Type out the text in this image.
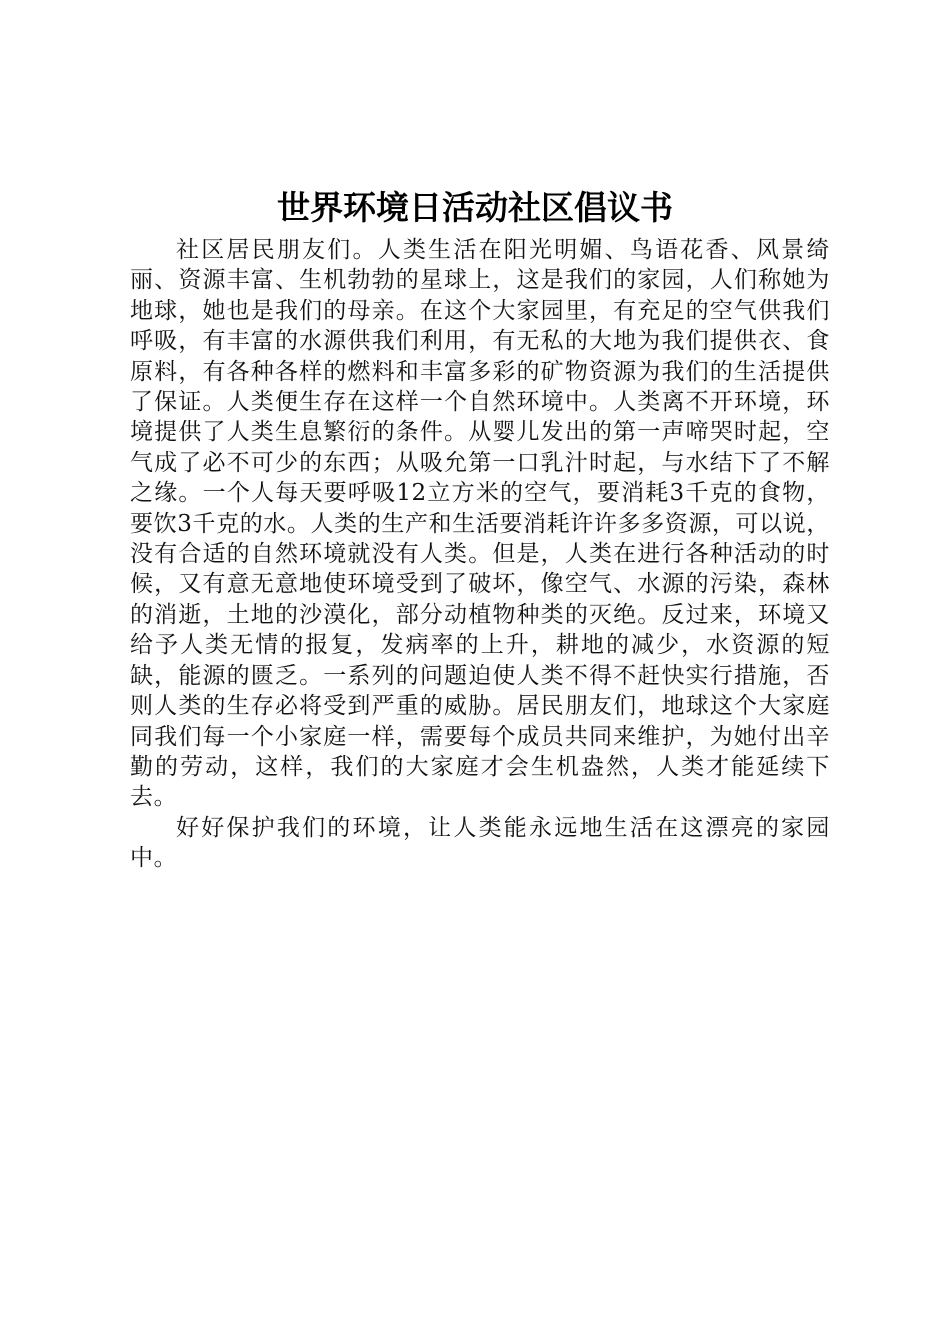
世界环境日活动社区倡议书

社区居民朋友们。人类生活在阳光明媚、鸟语花香、风景绮丽、资源丰富、生机勃勃的星球上，这是我们的家园，人们称她为地球，她也是我们的母亲。在这个大家园里，有充足的空气供我们呼吸，有丰富的水源供我们利用，有无私的大地为我们提供衣、食原料，有各种各样的燃料和丰富多彩的矿物资源为我们的生活提供了保证。人类便生存在这样一个自然环境中。人类离不开环境，环境提供了人类生息繁衍的条件。从婴儿发出的第一声啼哭时起，空气成了必不可少的东西；从吸允第一口乳汁时起，与水结下了不解之缘。一个人每天要呼吸12立方米的空气，要消耗3千克的食物，要饮3千克的水。人类的生产和生活要消耗许许多多资源，可以说，没有合适的自然环境就没有人类。但是，人类在进行各种活动的时候，又有意无意地使环境受到了破坏，像空气、水源的污染，森林的消逝，土地的沙漠化，部分动植物种类的灭绝。反过来，环境又给予人类无情的报复，发病率的上升，耕地的减少，水资源的短缺，能源的匮乏。一系列的问题迫使人类不得不赶快实行措施，否则人类的生存必将受到严重的威胁。居民朋友们，地球这个大家庭同我们每一个小家庭一样，需要每个成员共同来维护，为她付出辛勤的劳动，这样，我们的大家庭才会生机盎然，人类才能延续下去。

好好保护我们的环境，让人类能永远地生活在这漂亮的家园中。
